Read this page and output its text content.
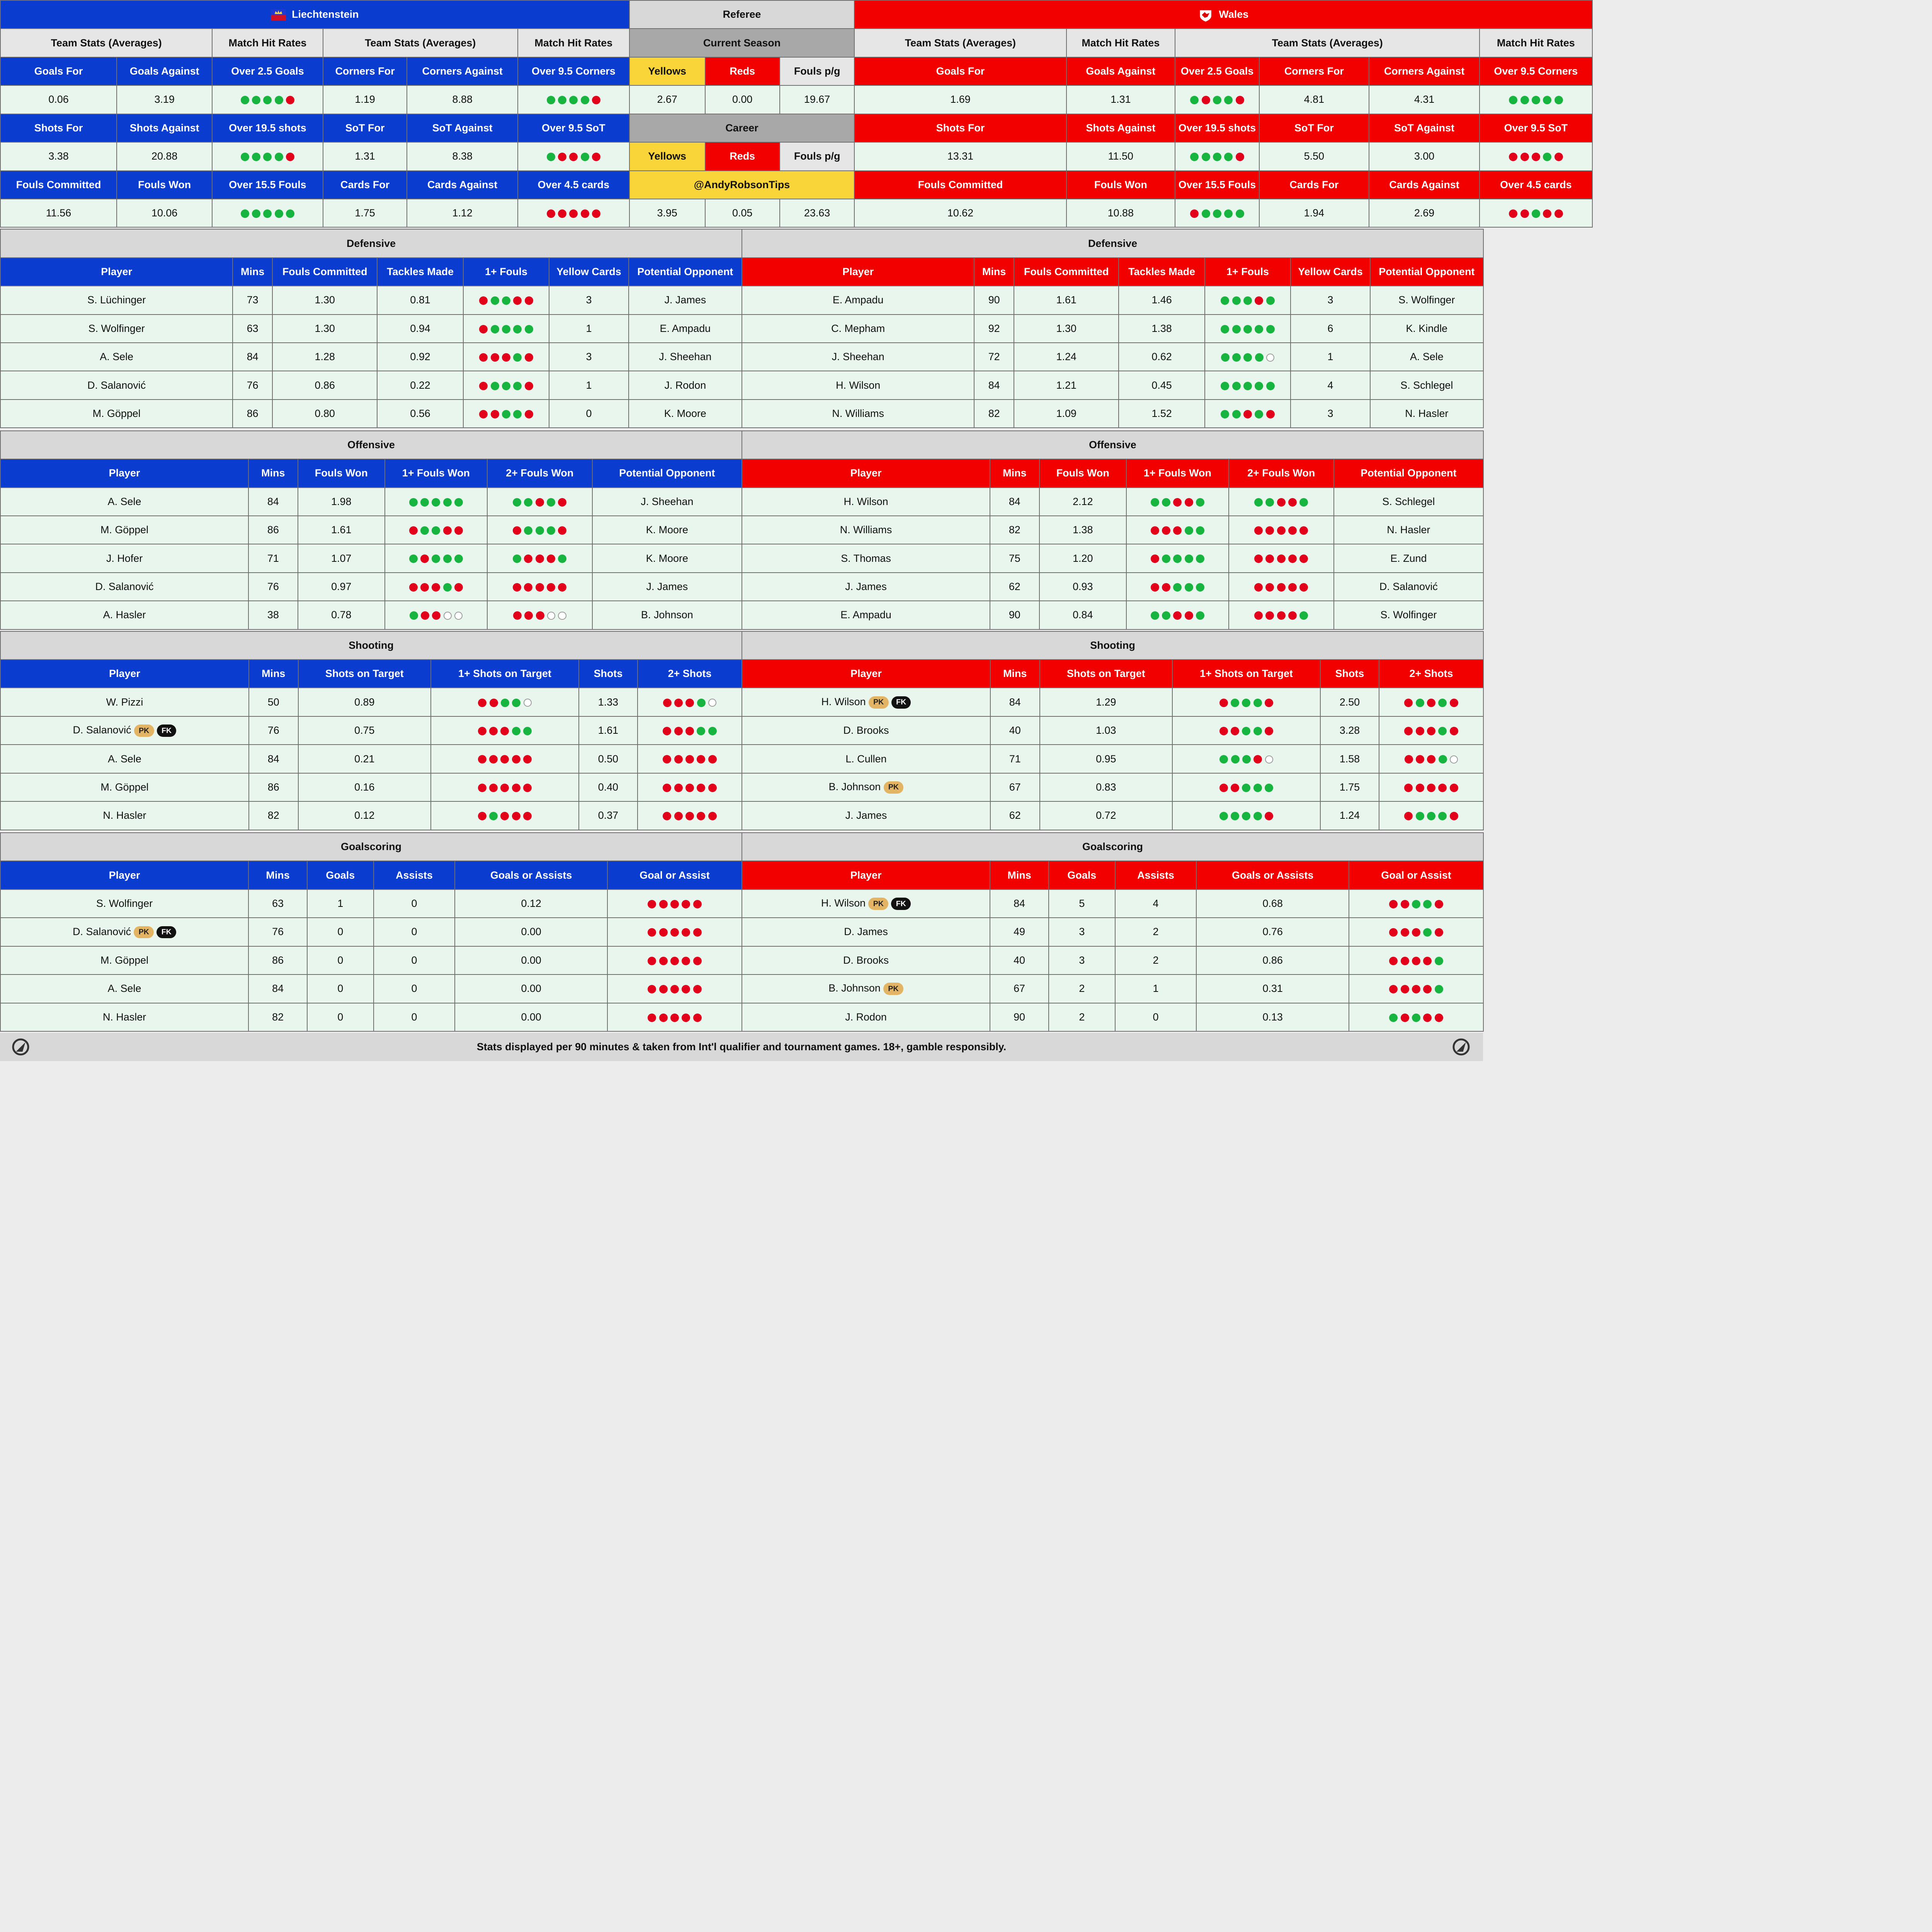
Liechtenstein						Referee			Wales					
Team Stats (Averages)		Match Hit Rates	Team Stats (Averages)		Match Hit Rates	Current Season			Team Stats (Averages)	Match Hit Rates	Team Stats (Averages)			Match Hit Rates
Goals For	Goals Against	Over 2.5 Goals	Corners For	Corners Against	Over 9.5 Corners	Yellows	Reds	Fouls p/g	Goals For	Goals Against	Over 2.5 Goals	Corners For	Corners Against	Over 9.5 Corners
0.06	3.19		1.19	8.88		2.67	0.00	19.67	1.69	1.31		4.81	4.31	

Shots For	Shots Against	Over 19.5 shots	SoT For	SoT Against	Over 9.5 SoT	Career			Shots For	Shots Against	Over 19.5 shots	SoT For	SoT Against	Over 9.5 SoT
3.38	20.88		1.31	8.38		Yellows	Reds	Fouls p/g	13.31	11.50		5.50	3.00	

Fouls Committed	Fouls Won	Over 15.5 Fouls	Cards For	Cards Against	Over 4.5 cards	@AndyRobsonTips			Fouls Committed	Fouls Won	Over 15.5 Fouls	Cards For	Cards Against	Over 4.5 cards
11.56	10.06		1.75	1.12		3.95	0.05	23.63	10.62	10.88		1.94	2.69	
Defensive						
Player	Mins	Fouls Committed	Tackles Made	1+ Fouls	Yellow Cards	Potential Opponent
S. Lüchinger	73	1.30	0.81		3	J. James
S. Wolfinger	63	1.30	0.94		1	E. Ampadu
A. Sele	84	1.28	0.92		3	J. Sheehan
D. Salanović	76	0.86	0.22		1	J. Rodon
M. Göppel	86	0.80	0.56		0	K. Moore
Defensive						
Player	Mins	Fouls Committed	Tackles Made	1+ Fouls	Yellow Cards	Potential Opponent
E. Ampadu	90	1.61	1.46		3	S. Wolfinger
C. Mepham	92	1.30	1.38		6	K. Kindle
J. Sheehan	72	1.24	0.62		1	A. Sele
H. Wilson	84	1.21	0.45		4	S. Schlegel
N. Williams	82	1.09	1.52		3	N. Hasler
Offensive					
Player	Mins	Fouls Won	1+ Fouls Won	2+ Fouls Won	Potential Opponent
A. Sele	84	1.98			J. Sheehan
M. Göppel	86	1.61			K. Moore
J. Hofer	71	1.07			K. Moore
D. Salanović	76	0.97			J. James
A. Hasler	38	0.78			B. Johnson
Offensive					
Player	Mins	Fouls Won	1+ Fouls Won	2+ Fouls Won	Potential Opponent
H. Wilson	84	2.12			S. Schlegel
N. Williams	82	1.38			N. Hasler
S. Thomas	75	1.20			E. Zund
J. James	62	0.93			D. Salanović
E. Ampadu	90	0.84			S. Wolfinger
Shooting					
Player	Mins	Shots on Target	1+ Shots on Target	Shots	2+ Shots
W. Pizzi	50	0.89		1.33	

D. Salanović PK FK	76	0.75		1.61	

A. Sele	84	0.21		0.50	

M. Göppel	86	0.16		0.40	

N. Hasler	82	0.12		0.37	
Shooting					
Player	Mins	Shots on Target	1+ Shots on Target	Shots	2+ Shots
H. Wilson PK FK	84	1.29		2.50	

D. Brooks	40	1.03		3.28	

L. Cullen	71	0.95		1.58	

B. Johnson PK	67	0.83		1.75	

J. James	62	0.72		1.24	
Goalscoring					
Player	Mins	Goals	Assists	Goals or Assists	Goal or Assist
S. Wolfinger	63	1	0	0.12	

D. Salanović PK FK	76	0	0	0.00	

M. Göppel	86	0	0	0.00	

A. Sele	84	0	0	0.00	

N. Hasler	82	0	0	0.00	
Goalscoring					
Player	Mins	Goals	Assists	Goals or Assists	Goal or Assist
H. Wilson PK FK	84	5	4	0.68	

D. James	49	3	2	0.76	

D. Brooks	40	3	2	0.86	

B. Johnson PK	67	2	1	0.31	

J. Rodon	90	2	0	0.13	
Stats displayed per 90 minutes & taken from Int'l qualifier and tournament games. 18+, gamble responsibly.
